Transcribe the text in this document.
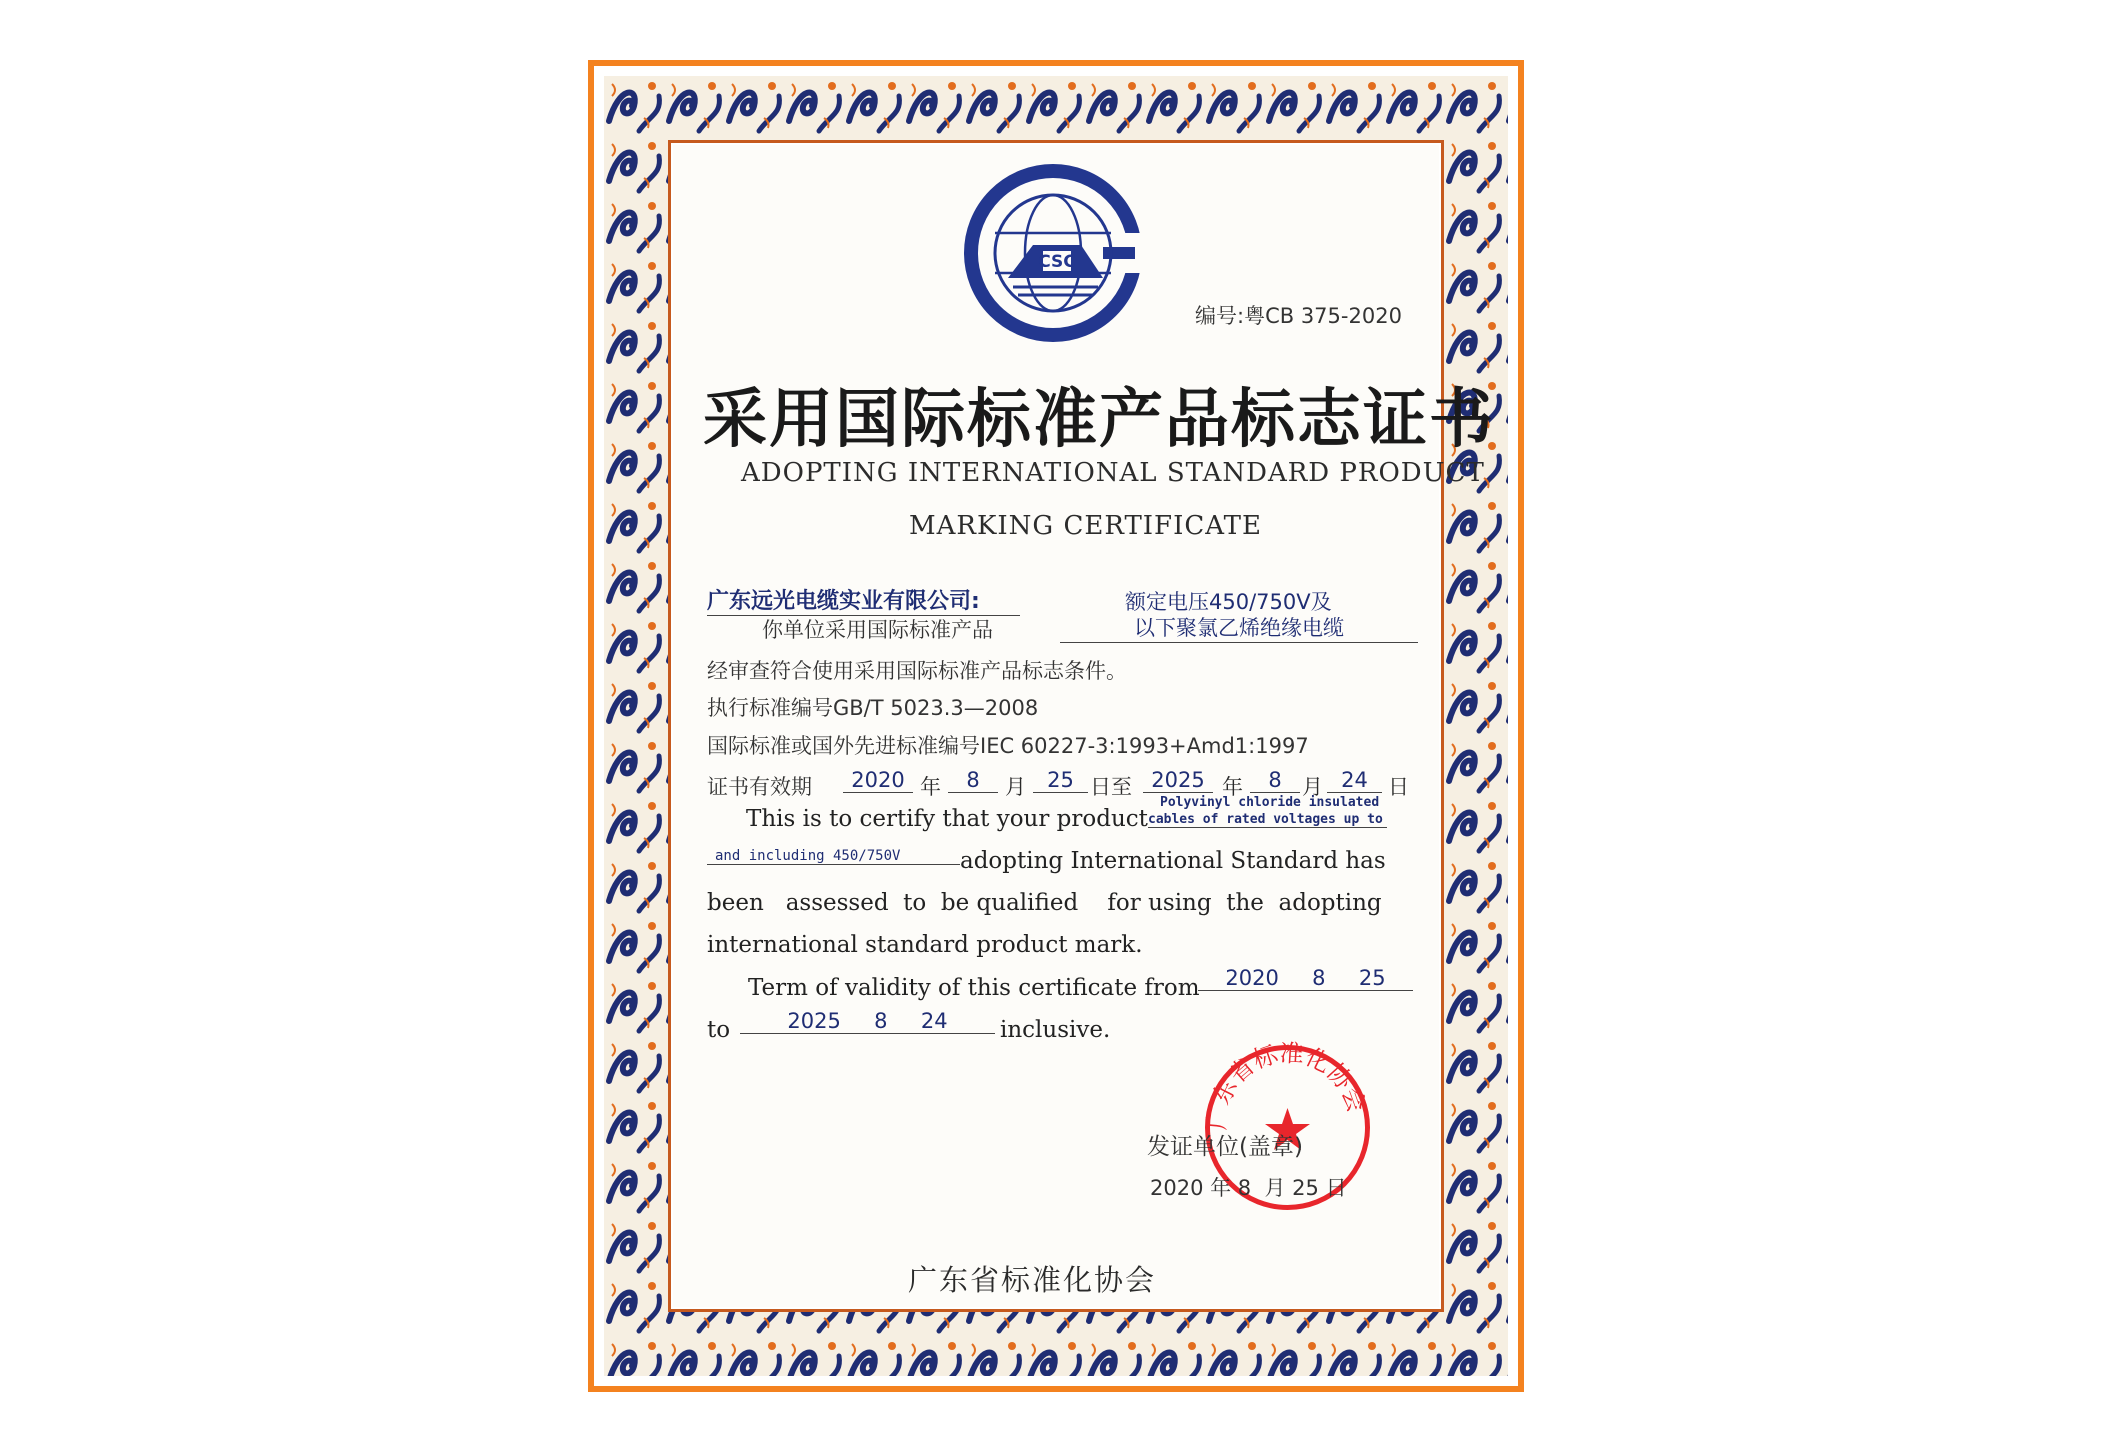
CSC
编号:粤CB 375-2020
采用国际标准产品标志证书
ADOPTING INTERNATIONAL STANDARD PRODUCT
MARKING CERTIFICATE
广东远光电缆实业有限公司:	额定电压450/750V及
你单位采用国际标准产品	以下聚氯乙烯绝缘电缆
经审查符合使用采用国际标准产品标志条件。
执行标准编号GB/T 5023.3—2008
国际标准或国外先进标准编号IEC 60227-3:1993+Amd1:1997
证书有效期	2020 年	8	月	25 日至 2025 年	8 月 24 日
This is to certify that your product
Polyvinyl chloride insulated
cables of rated voltages up to
and including 450/750V	adopting International Standard has
been   assessed  to  be qualified    for using  the  adopting
international standard product mark.
Term of validity of this certificate from	2020     8     25
to	2025     8     24	inclusive.
广东省标准化协会
发证单位(盖章)
2020 年 8  月 25 日
广东省标准化协会
